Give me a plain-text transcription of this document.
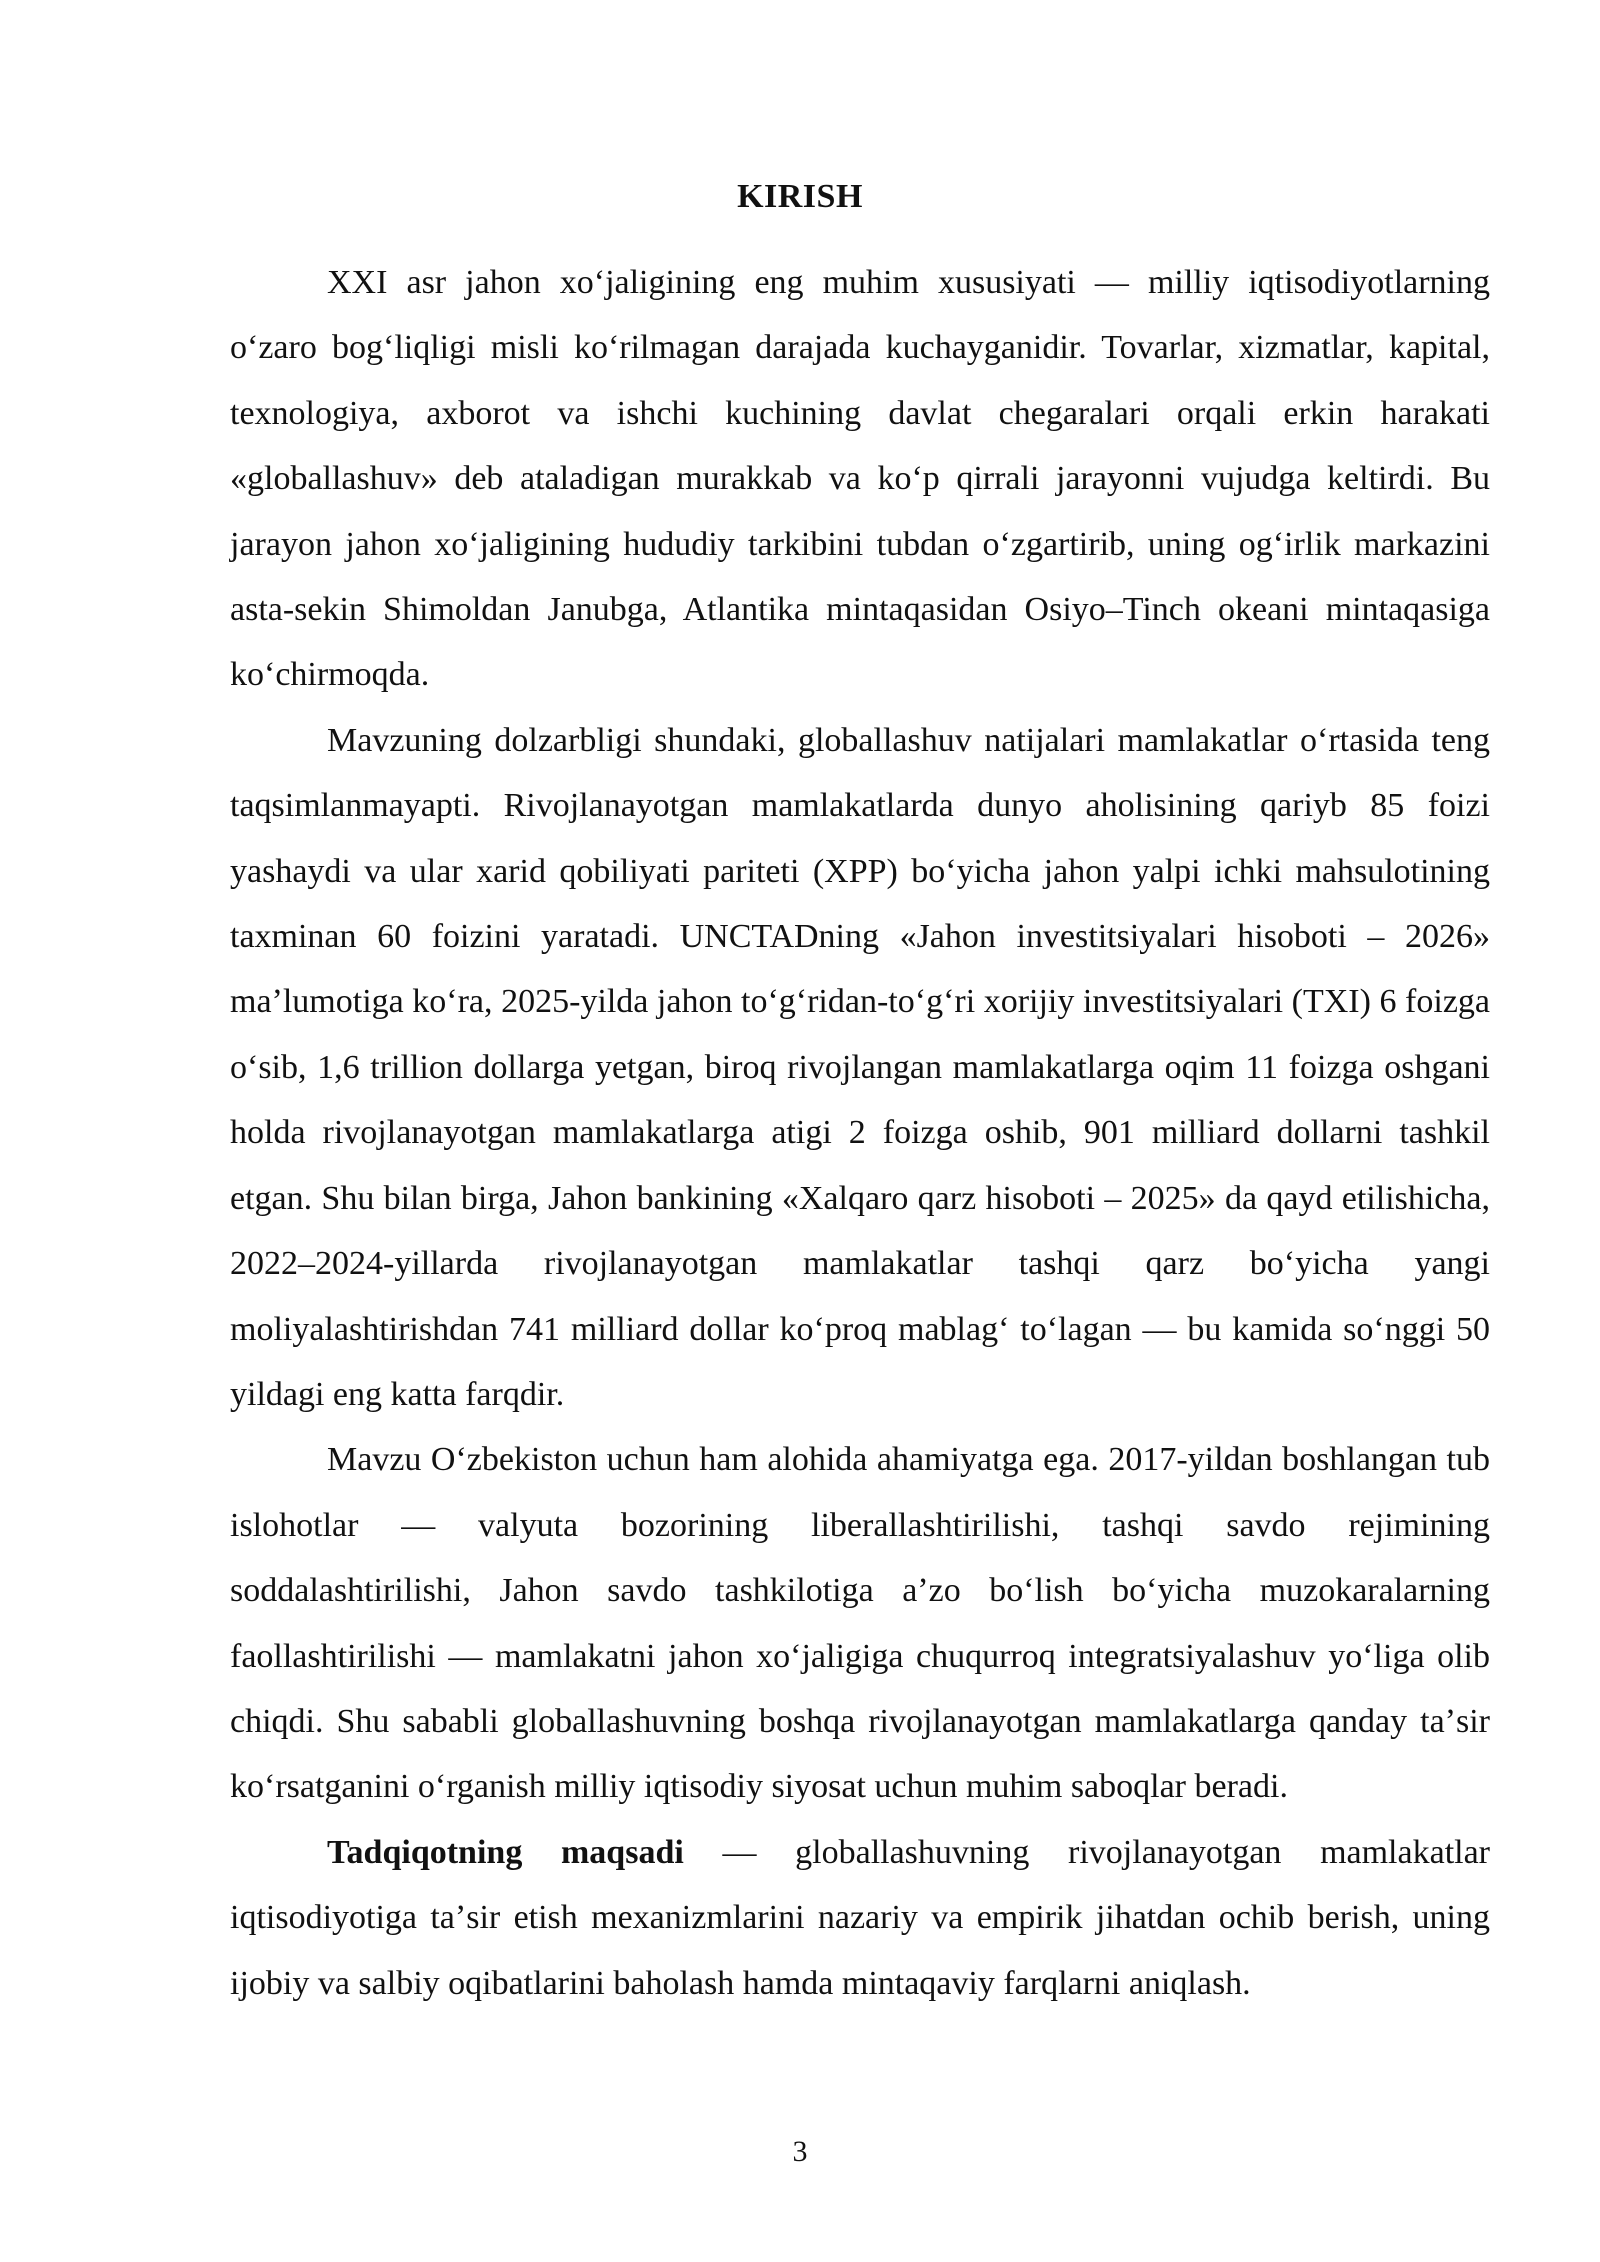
KIRISH

XXI asr jahon xoʻjaligining eng muhim xususiyati — milliy iqtisodiyotlarning oʻzaro bogʻliqligi misli koʻrilmagan darajada kuchayganidir. Tovarlar, xizmatlar, kapital, texnologiya, axborot va ishchi kuchining davlat chegaralari orqali erkin harakati «globallashuv» deb ataladigan murakkab va koʻp qirrali jarayonni vujudga keltirdi. Bu jarayon jahon xoʻjaligining hududiy tarkibini tubdan oʻzgartirib, uning ogʻirlik markazini asta-sekin Shimoldan Janubga, Atlantika mintaqasidan Osiyo–Tinch okeani mintaqasiga koʻchirmoqda.

Mavzuning dolzarbligi shundaki, globallashuv natijalari mamlakatlar oʻrtasida teng taqsimlanmayapti. Rivojlanayotgan mamlakatlarda dunyo aholisining qariyb 85 foizi yashaydi va ular xarid qobiliyati pariteti (XPP) boʻyicha jahon yalpi ichki mahsulotining taxminan 60 foizini yaratadi. UNCTADning «Jahon investitsiyalari hisoboti – 2026» maʼlumotiga koʻra, 2025-yilda jahon toʻgʻridan-toʻgʻri xorijiy investitsiyalari (TXI) 6 foizga oʻsib, 1,6 trillion dollarga yetgan, biroq rivojlangan mamlakatlarga oqim 11 foizga oshgani holda rivojlanayotgan mamlakatlarga atigi 2 foizga oshib, 901 milliard dollarni tashkil etgan. Shu bilan birga, Jahon bankining «Xalqaro qarz hisoboti – 2025» da qayd etilishicha, 2022–2024-yillarda rivojlanayotgan mamlakatlar tashqi qarz boʻyicha yangi moliyalashtirishdan 741 milliard dollar koʻproq mablagʻ toʻlagan — bu kamida soʻnggi 50 yildagi eng katta farqdir.

Mavzu Oʻzbekiston uchun ham alohida ahamiyatga ega. 2017-yildan boshlangan tub islohotlar — valyuta bozorining liberallashtirilishi, tashqi savdo rejimining soddalashtirilishi, Jahon savdo tashkilotiga aʼzo boʻlish boʻyicha muzokaralarning faollashtirilishi — mamlakatni jahon xoʻjaligiga chuqurroq integratsiyalashuv yoʻliga olib chiqdi. Shu sababli globallashuvning boshqa rivojlanayotgan mamlakatlarga qanday taʼsir koʻrsatganini oʻrganish milliy iqtisodiy siyosat uchun muhim saboqlar beradi.

Tadqiqotning maqsadi — globallashuvning rivojlanayotgan mamlakatlar iqtisodiyotiga taʼsir etish mexanizmlarini nazariy va empirik jihatdan ochib berish, uning ijobiy va salbiy oqibatlarini baholash hamda mintaqaviy farqlarni aniqlash.

3
